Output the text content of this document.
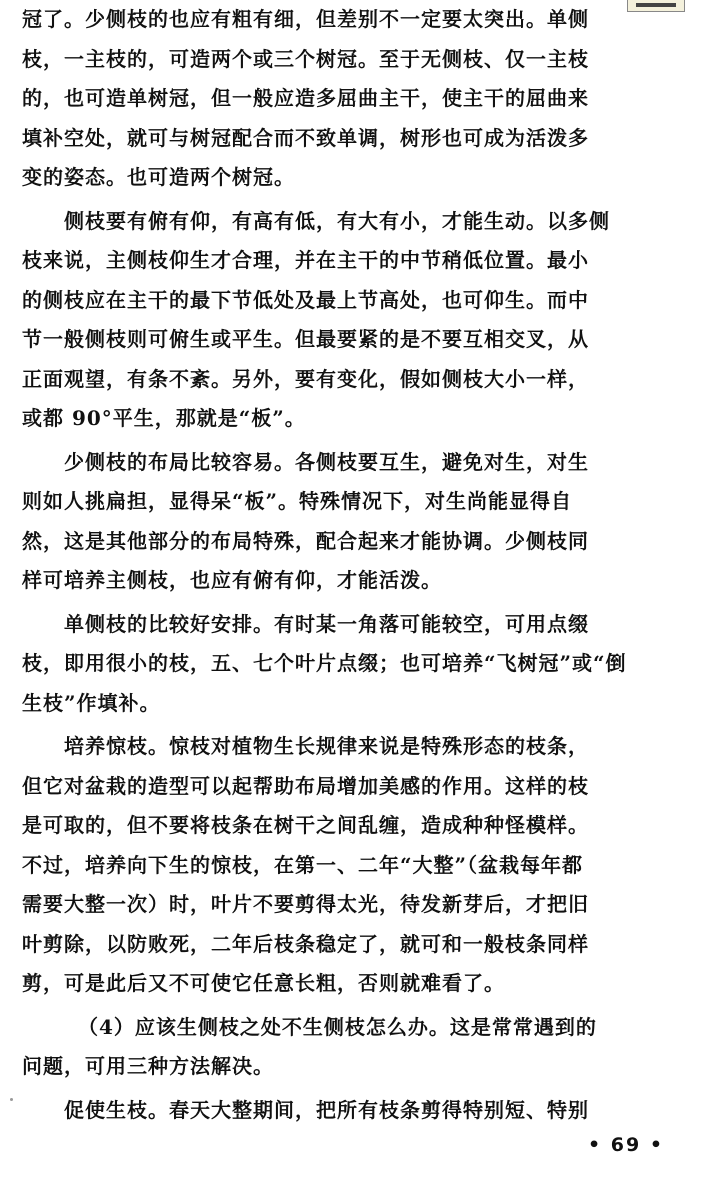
冠了。少侧枝的也应有粗有细，但差别不一定要太突出。单侧

枝，一主枝的，可造两个或三个树冠。至于无侧枝、仅一主枝

的，也可造单树冠，但一般应造多屈曲主干，使主干的屈曲来

填补空处，就可与树冠配合而不致单调，树形也可成为活泼多

变的姿态。也可造两个树冠。

侧枝要有俯有仰，有高有低，有大有小，才能生动。以多侧

枝来说，主侧枝仰生才合理，并在主干的中节稍低位置。最小

的侧枝应在主干的最下节低处及最上节高处，也可仰生。而中

节一般侧枝则可俯生或平生。但最要紧的是不要互相交叉，从

正面观望，有条不紊。另外，要有变化，假如侧枝大小一样，

或都 90°平生，那就是“板”。

少侧枝的布局比较容易。各侧枝要互生，避免对生，对生

则如人挑扁担，显得呆“板”。特殊情况下，对生尚能显得自

然，这是其他部分的布局特殊，配合起来才能协调。少侧枝同

样可培养主侧枝，也应有俯有仰，才能活泼。

单侧枝的比较好安排。有时某一角落可能较空，可用点缀

枝，即用很小的枝，五、七个叶片点缀；也可培养“飞树冠”或“倒

生枝”作填补。

培养惊枝。惊枝对植物生长规律来说是特殊形态的枝条，

但它对盆栽的造型可以起帮助布局增加美感的作用。这样的枝

是可取的，但不要将枝条在树干之间乱缠，造成种种怪模样。

不过，培养向下生的惊枝，在第一、二年“大整”（盆栽每年都

需要大整一次）时，叶片不要剪得太光，待发新芽后，才把旧

叶剪除，以防败死，二年后枝条稳定了，就可和一般枝条同样

剪，可是此后又不可使它任意长粗，否则就难看了。

（4）应该生侧枝之处不生侧枝怎么办。这是常常遇到的

问题，可用三种方法解决。

促使生枝。春天大整期间，把所有枝条剪得特别短、特别

• 69 •
